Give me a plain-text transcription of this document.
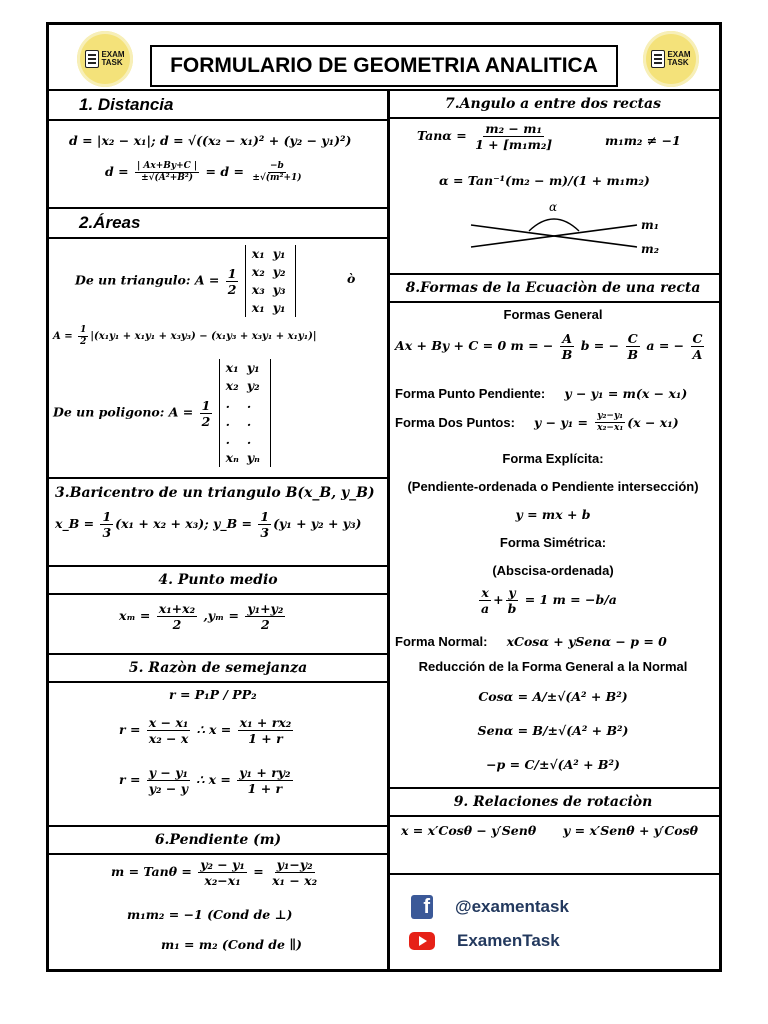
EXAM
TASK	FORMULARIO DE GEOMETRIA ANALITICA	EXAM
TASK
1. Distancia
d = |x₂ − x₁|; d = √((x₂ − x₁)² + (y₂ − y₁)²)
$d = \frac{| Ax+By+C |}{\text{±√(A²+B²)}} = d = \frac{-b}{\text{±√(m²+1)}}$
2.Áreas
De un triangulo: $A = \frac{1}{2}$

x₁	y₁
x₂	y₂
x₃	y₃
x₁	y₁
ò
$A = \frac{1}{2} |(x_1y_1 + x_1y_1 + x_3y_3) - (x_1y_3 + x_3y_1 + x_1y_1)|$
De un poligono: $A = \frac{1}{2}$

x₁	y₁
x₂	y₂
.	.
.	.
.	.
xₙ	yₙ
3.Baricentro de un triangulo B(x_B, y_B)
x_B = $\frac{1}{3} (x_1 + x_2 + x_3)$; y_B = $\frac{1}{3} (y_1 + y_2 + y_3)$
4. Punto medio
$x_m = \frac{\text{x₁+x₂}}{2} ,y_m = \frac{\text{y₁+y₂}}{2}$
5. Razòn de semejanza
r = P₁P / PP₂
$r = \frac{\text{x − x₁}}{\text{x₂ − x}}$ ∴ $x = \frac{\text{x₁ + rx₂}}{1 + r}$
$r = \frac{\text{y − y₁}}{\text{y₂ − y}}$ ∴ $x = \frac{\text{y₁ + ry₂}}{1 + r}$
6.Pendiente (m)
$m = Tan\theta = \frac{\text{y₂ − y₁}}{\text{x₂−x₁}} = \frac{\text{y₁−y₂}}{\text{x₁ − x₂}}$
m₁m₂ = −1 (Cond de ⊥)
m₁ = m₂ (Cond de ∥)
7.Angulo a entre dos rectas
$Tan\alpha = \frac{\text{m₂ − m₁}}{\text{1 + [m₁m₂]}}$	m₁m₂ ≠ −1
α = Tan⁻¹(m₂ − m)/(1 + m₁m₂)
α
m₁
m₂
8.Formas de la Ecuaciòn de una recta
Formas General
Ax + By + C = 0 m = − $\frac{A}{B}$ b = − $\frac{C}{B}$ a = − $\frac{C}{A}$
Forma Punto Pendiente: y − y₁ = m(x − x₁)
Forma Dos Puntos: $y - y_1 = \frac{\text{y₂−y₁}}{\text{x₂−x₁}} (x - x_1)$
Forma Explícita:
(Pendiente-ordenada o Pendiente intersección)
y = mx + b
Forma Simétrica:
(Abscisa-ordenada)
$\frac{x}{a} + \frac{y}{b} = 1$ m = −b/a
Forma Normal: xCosα + ySenα − p = 0
Reducción de la Forma General a la Normal
Cosα = A/±√(A² + B²)
Senα = B/±√(A² + B²)
−p = C/±√(A² + B²)
9. Relaciones de rotaciòn
x = x′Cosθ − y′Senθ y = x′Senθ + y′Cosθ
f @examentask
ExamenTask
